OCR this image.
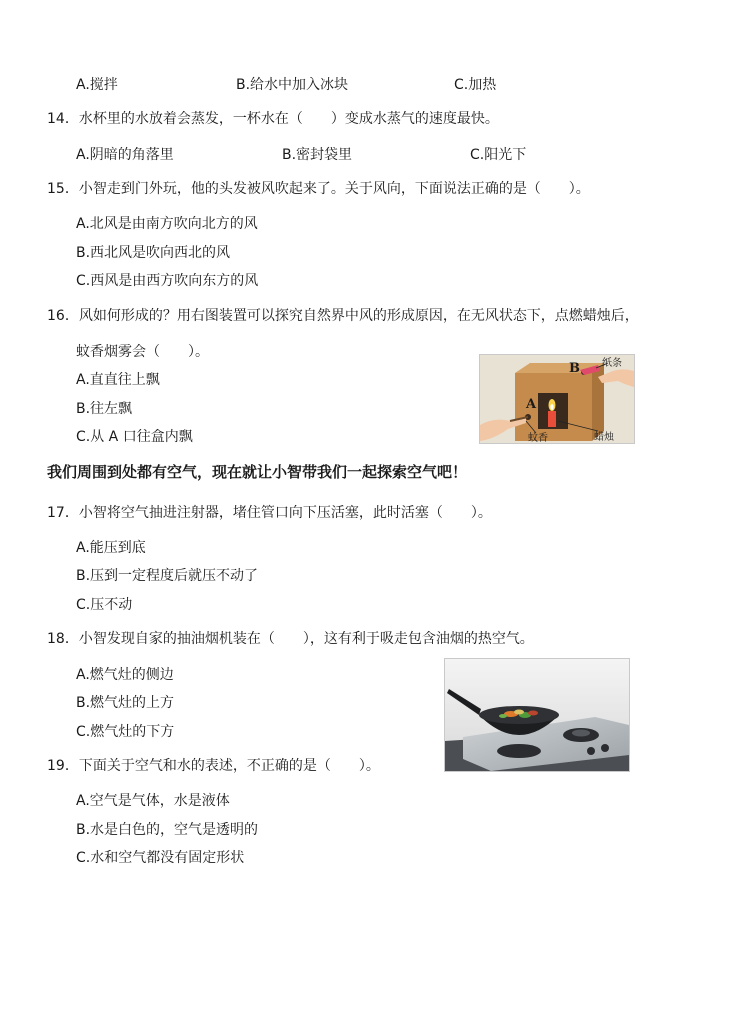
A.搅拌	B.给水中加入冰块	C.加热
14．水杯里的水放着会蒸发，一杯水在（　　）变成水蒸气的速度最快。
A.阴暗的角落里	B.密封袋里	C.阳光下
15．小智走到门外玩，他的头发被风吹起来了。关于风向，下面说法正确的是（　　）。
A.北风是由南方吹向北方的风
B.西北风是吹向西北的风
C.西风是由西方吹向东方的风
16．风如何形成的？用右图装置可以探究自然界中风的形成原因，在无风状态下，点燃蜡烛后，
蚊香烟雾会（　　）。
A.直直往上飘
B.往左飘
C.从 A 口往盒内飘
纸条
B
A
蚊香	蜡烛
我们周围到处都有空气，现在就让小智带我们一起探索空气吧！
17．小智将空气抽进注射器，堵住管口向下压活塞，此时活塞（　　）。
A.能压到底
B.压到一定程度后就压不动了
C.压不动
18．小智发现自家的抽油烟机装在（　　），这有利于吸走包含油烟的热空气。
A.燃气灶的侧边
B.燃气灶的上方
C.燃气灶的下方
19．下面关于空气和水的表述，不正确的是（　　）。
A.空气是气体，水是液体
B.水是白色的，空气是透明的
C.水和空气都没有固定形状
